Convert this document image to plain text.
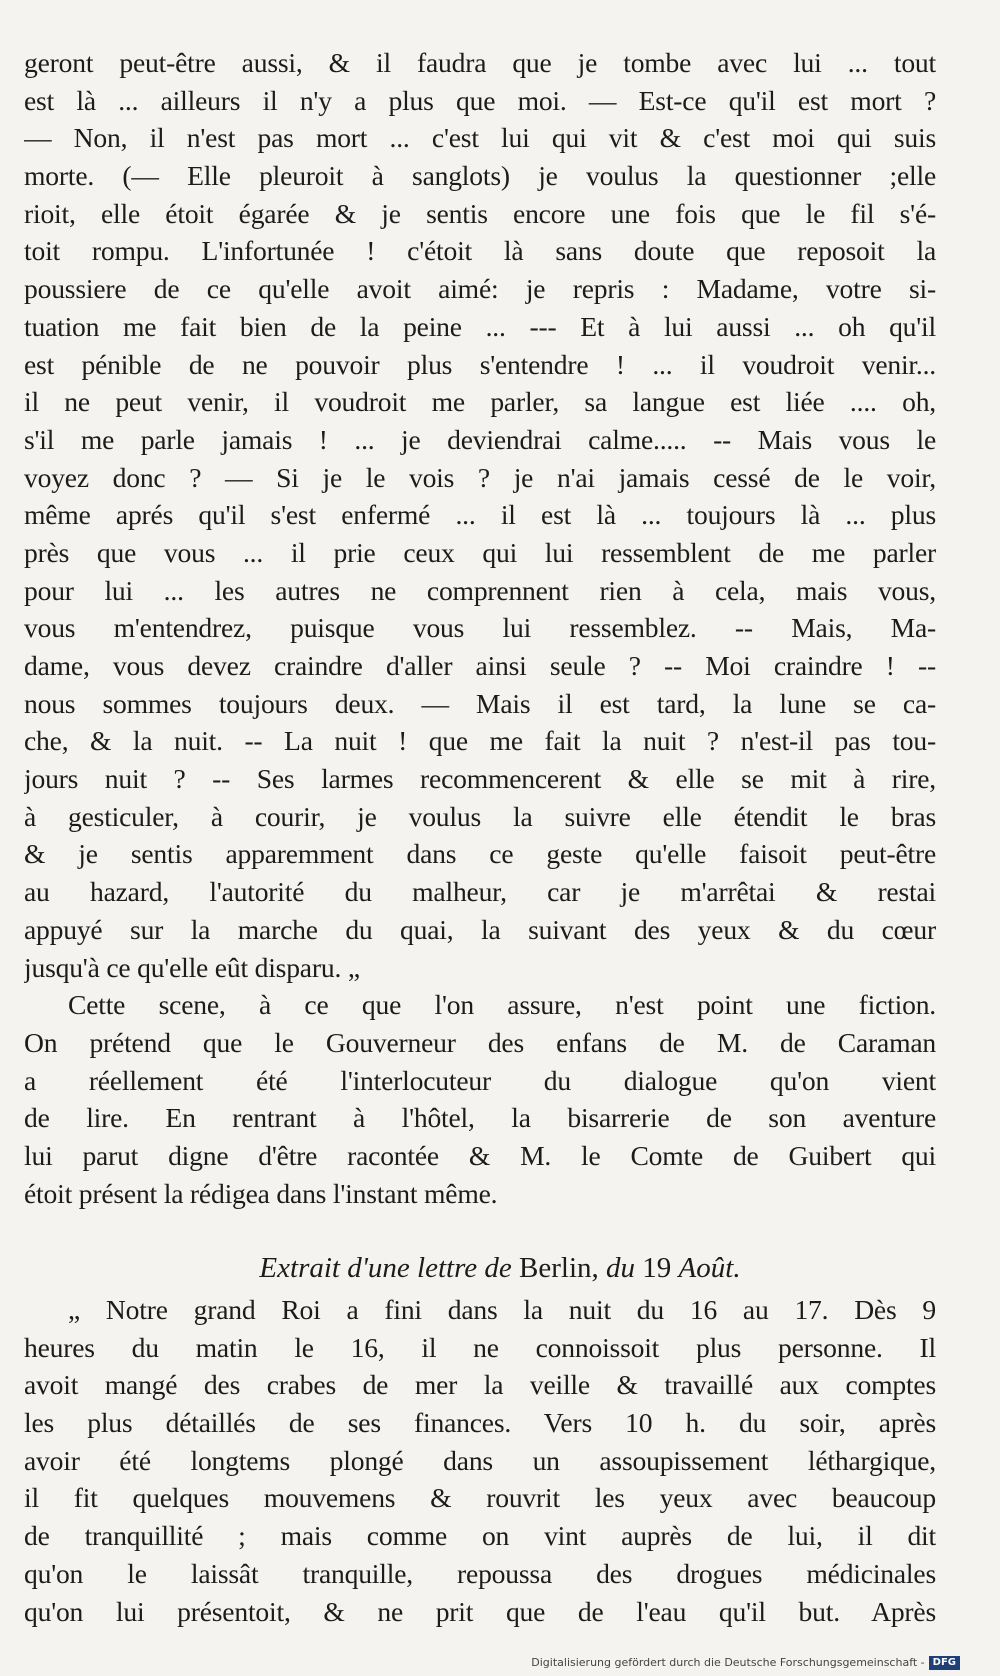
geront peut-être aussi, & il faudra que je tombe avec lui ... tout
est là ... ailleurs il n'y a plus que moi. — Est-ce qu'il est mort ?
— Non, il n'est pas mort ... c'est lui qui vit & c'est moi qui suis
morte. (— Elle pleuroit à sanglots) je voulus la questionner ;elle
rioit, elle étoit égarée & je sentis encore une fois que le fil s'é-
toit rompu. L'infortunée ! c'étoit là sans doute que reposoit la
poussiere de ce qu'elle avoit aimé: je repris : Madame, votre si-
tuation me fait bien de la peine ... --- Et à lui aussi ... oh qu'il
est pénible de ne pouvoir plus s'entendre ! ... il voudroit venir...
il ne peut venir, il voudroit me parler, sa langue est liée .... oh,
s'il me parle jamais ! ... je deviendrai calme..... -- Mais vous le
voyez donc ? — Si je le vois ? je n'ai jamais cessé de le voir,
même aprés qu'il s'est enfermé ... il est là ... toujours là ... plus
près que vous ... il prie ceux qui lui ressemblent de me parler
pour lui ... les autres ne comprennent rien à cela, mais vous,
vous m'entendrez, puisque vous lui ressemblez. -- Mais, Ma-
dame, vous devez craindre d'aller ainsi seule ? -- Moi craindre ! --
nous sommes toujours deux. — Mais il est tard, la lune se ca-
che, & la nuit. -- La nuit ! que me fait la nuit ? n'est-il pas tou-
jours nuit ? -- Ses larmes recommencerent & elle se mit à rire,
à gesticuler, à courir, je voulus la suivre elle étendit le bras
& je sentis apparemment dans ce geste qu'elle faisoit peut-être
au hazard, l'autorité du malheur, car je m'arrêtai & restai
appuyé sur la marche du quai, la suivant des yeux & du cœur
jusqu'à ce qu'elle eût disparu. „
Cette scene, à ce que l'on assure, n'est point une fiction.
On prétend que le Gouverneur des enfans de M. de Caraman
a réellement été l'interlocuteur du dialogue qu'on vient
de lire. En rentrant à l'hôtel, la bisarrerie de son aventure
lui parut digne d'être racontée & M. le Comte de Guibert qui
étoit présent la rédigea dans l'instant même.
Extrait d'une lettre de Berlin, du 19 Août.
„ Notre grand Roi a fini dans la nuit du 16 au 17. Dès 9
heures du matin le 16, il ne connoissoit plus personne. Il
avoit mangé des crabes de mer la veille & travaillé aux comptes
les plus détaillés de ses finances. Vers 10 h. du soir, après
avoir été longtems plongé dans un assoupissement léthargique,
il fit quelques mouvemens & rouvrit les yeux avec beaucoup
de tranquillité ; mais comme on vint auprès de lui, il dit
qu'on le laissât tranquille, repoussa des drogues médicinales
qu'on lui présentoit, & ne prit que de l'eau qu'il but. Après
Digitalisierung gefördert durch die Deutsche Forschungsgemeinschaft - DFG
